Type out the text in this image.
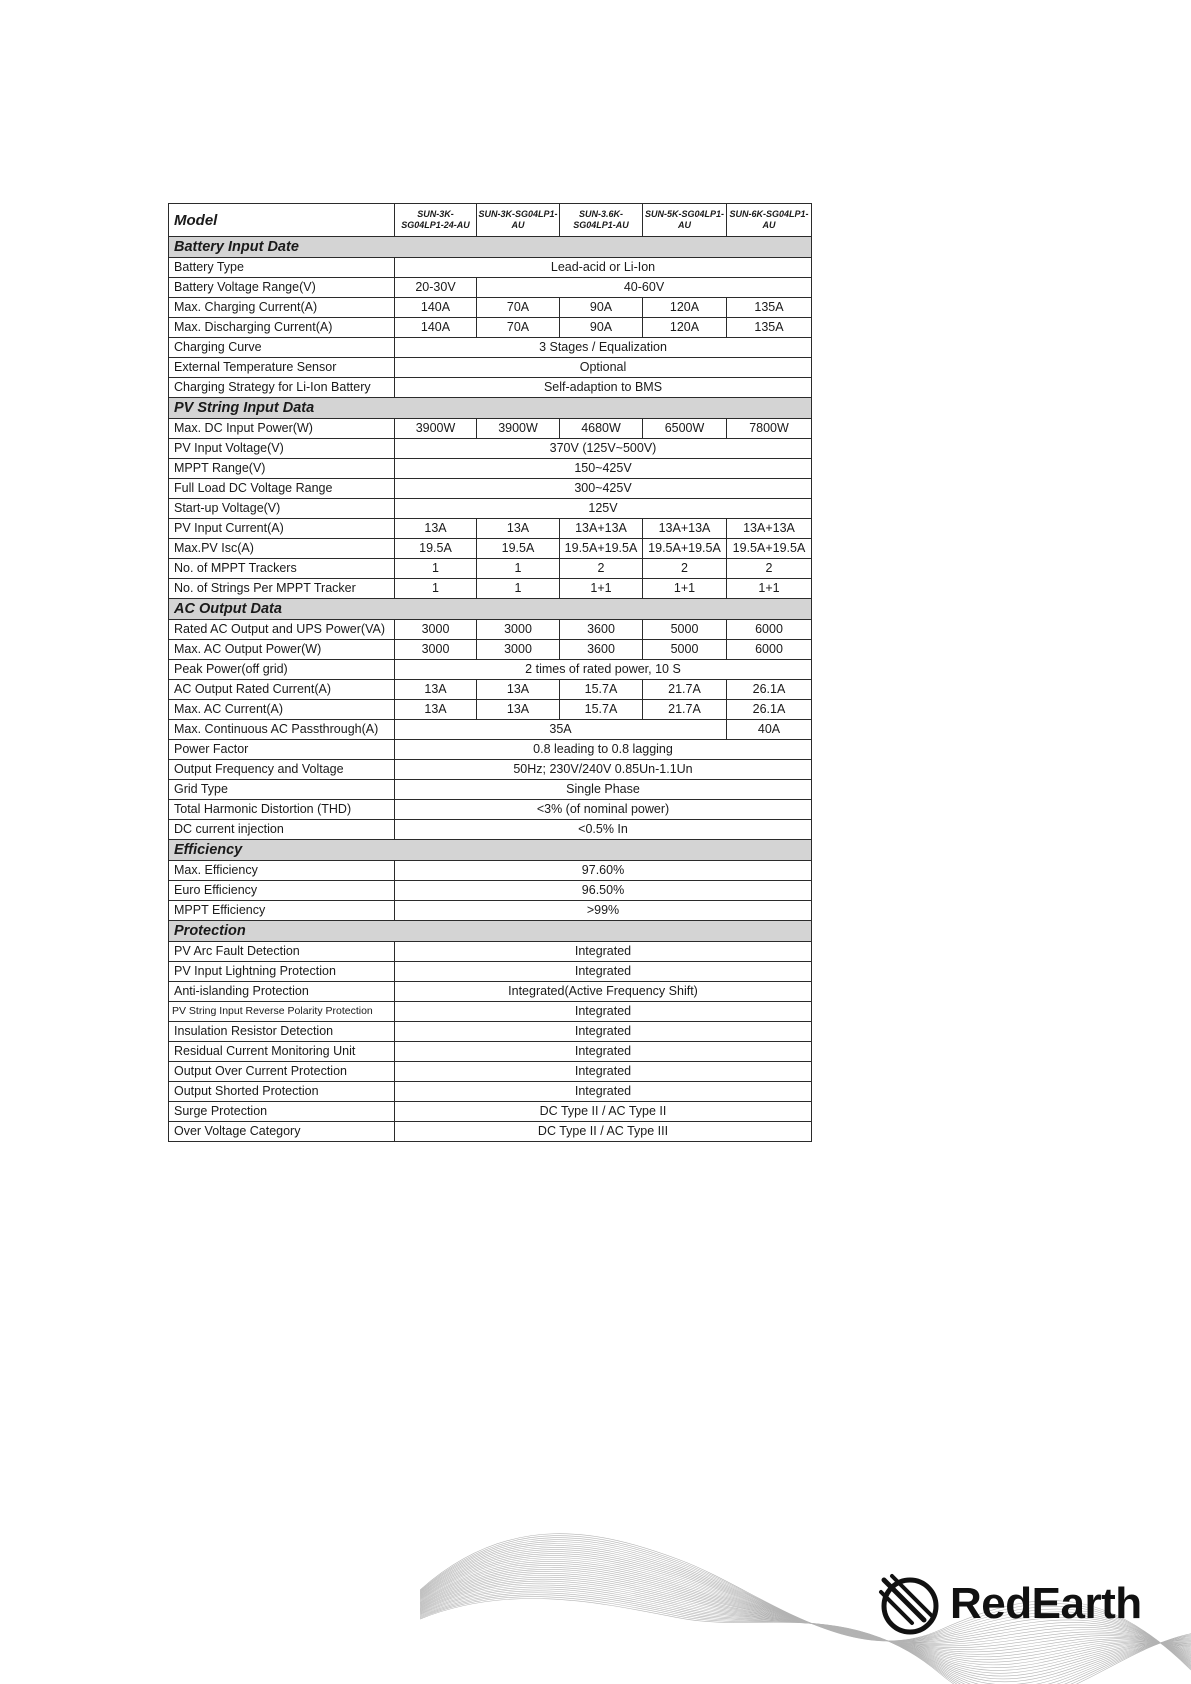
Model	SUN-3K-SG04LP1-24-AU	SUN-3K-SG04LP1-AU	SUN-3.6K-SG04LP1-AU	SUN-5K-SG04LP1-AU	SUN-6K-SG04LP1-AU
Battery Input Date					
Battery Type	Lead-acid or Li-Ion				
Battery Voltage Range(V)	20-30V	40-60V			
Max. Charging Current(A)	140A	70A	90A	120A	135A
Max. Discharging Current(A)	140A	70A	90A	120A	135A
Charging Curve	3 Stages / Equalization				
External Temperature Sensor	Optional				
Charging Strategy for Li-Ion Battery	Self-adaption to BMS				
PV String Input Data					
Max. DC Input Power(W)	3900W	3900W	4680W	6500W	7800W
PV Input Voltage(V)	370V (125V~500V)				
MPPT Range(V)	150~425V				
Full Load DC Voltage Range	300~425V				
Start-up Voltage(V)	125V				
PV Input Current(A)	13A	13A	13A+13A	13A+13A	13A+13A
Max.PV Isc(A)	19.5A	19.5A	19.5A+19.5A	19.5A+19.5A	19.5A+19.5A
No. of MPPT Trackers	1	1	2	2	2
No. of Strings Per MPPT Tracker	1	1	1+1	1+1	1+1
AC Output Data					
Rated AC Output and UPS Power(VA)	3000	3000	3600	5000	6000
Max. AC Output Power(W)	3000	3000	3600	5000	6000
Peak Power(off grid)	2 times of rated power, 10 S				
AC Output Rated Current(A)	13A	13A	15.7A	21.7A	26.1A
Max. AC Current(A)	13A	13A	15.7A	21.7A	26.1A
Max. Continuous AC Passthrough(A)	35A				40A
Power Factor	0.8 leading to 0.8 lagging				
Output Frequency and Voltage	50Hz; 230V/240V 0.85Un-1.1Un				
Grid Type	Single Phase				
Total Harmonic Distortion (THD)	<3% (of nominal power)				
DC current injection	<0.5% In				
Efficiency					
Max. Efficiency	97.60%				
Euro Efficiency	96.50%				
MPPT Efficiency	>99%				
Protection					
PV Arc Fault Detection	Integrated				
PV Input Lightning Protection	Integrated				
Anti-islanding Protection	Integrated(Active Frequency Shift)				
PV String Input Reverse Polarity Protection	Integrated				
Insulation Resistor Detection	Integrated				
Residual Current Monitoring Unit	Integrated				
Output Over Current Protection	Integrated				
Output Shorted Protection	Integrated				
Surge Protection	DC Type II / AC Type II				
Over Voltage Category	DC Type II / AC Type III				
RedEarth
